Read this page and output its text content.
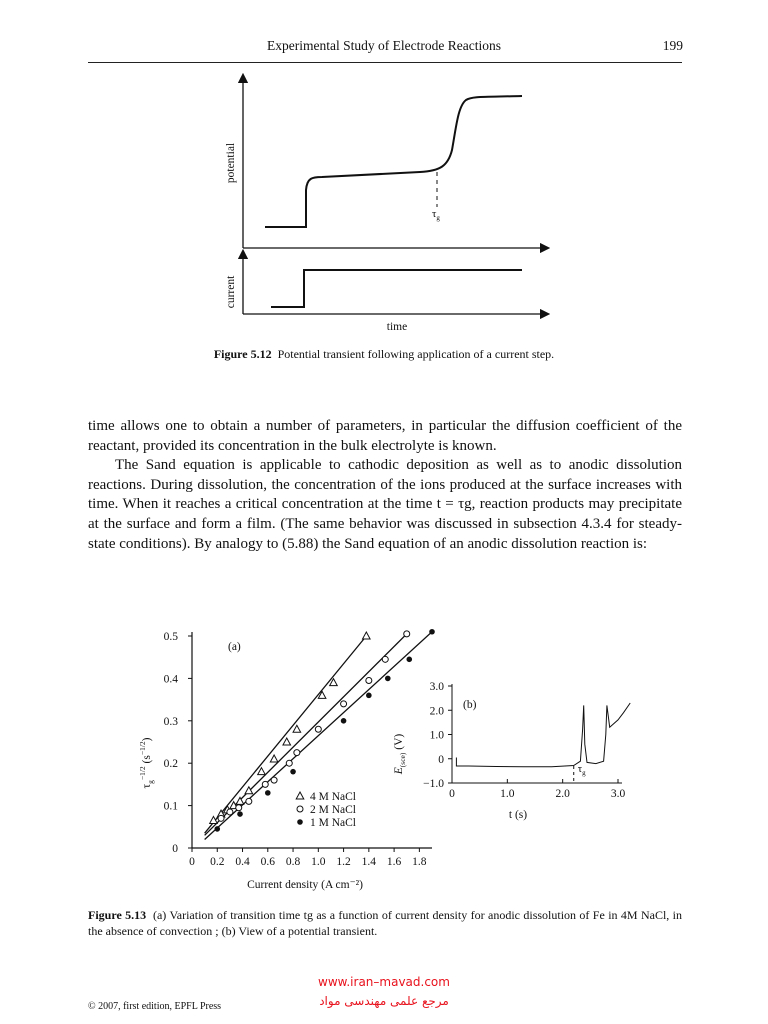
Experimental Study of Electrode Reactions	199
$\tau_g$
potential
current
time
Figure 5.12 Potential transient following application of a current step.

time allows one to obtain a number of parameters, in particular the diffusion coefficient of the reactant, provided its concentration in the bulk electrolyte is known.

The Sand equation is applicable to cathodic deposition as well as to anodic dissolution reactions. During dissolution, the concentration of the ions produced at the surface increases with time. When it reaches a critical concentration at the time t = τg, reaction products may precipitate at the surface and form a film. (The same behavior was discussed in subsection 4.3.4 for steady-state conditions). By analogy to (5.88) the Sand equation of an anodic dissolution reaction is:

0 0.2 0.4 0.6 0.8 1.0 1.2 1.4 1.6 1.8
0
0.1
0.2
0.3
0.4
0.5
(a)
Current density (A cm⁻²)
$\tau_g^{-1/2}$ $(s^{-1/2})$
4 M NaCl
2 M NaCl
1 M NaCl
−1.0
0
1.0
2.0
3.0
0	1.0	2.0	3.0
$\tau_g$
(b)
t (s)
$E_{(sce)}$ (V)
Figure 5.13 (a) Variation of transition time tg as a function of current density for anodic dissolution of Fe in 4M NaCl, in the absence of convection ; (b) View of a potential transient.
www.iran–mavad.com
مرجع علمی مهندسی مواد
© 2007, first edition, EPFL Press
